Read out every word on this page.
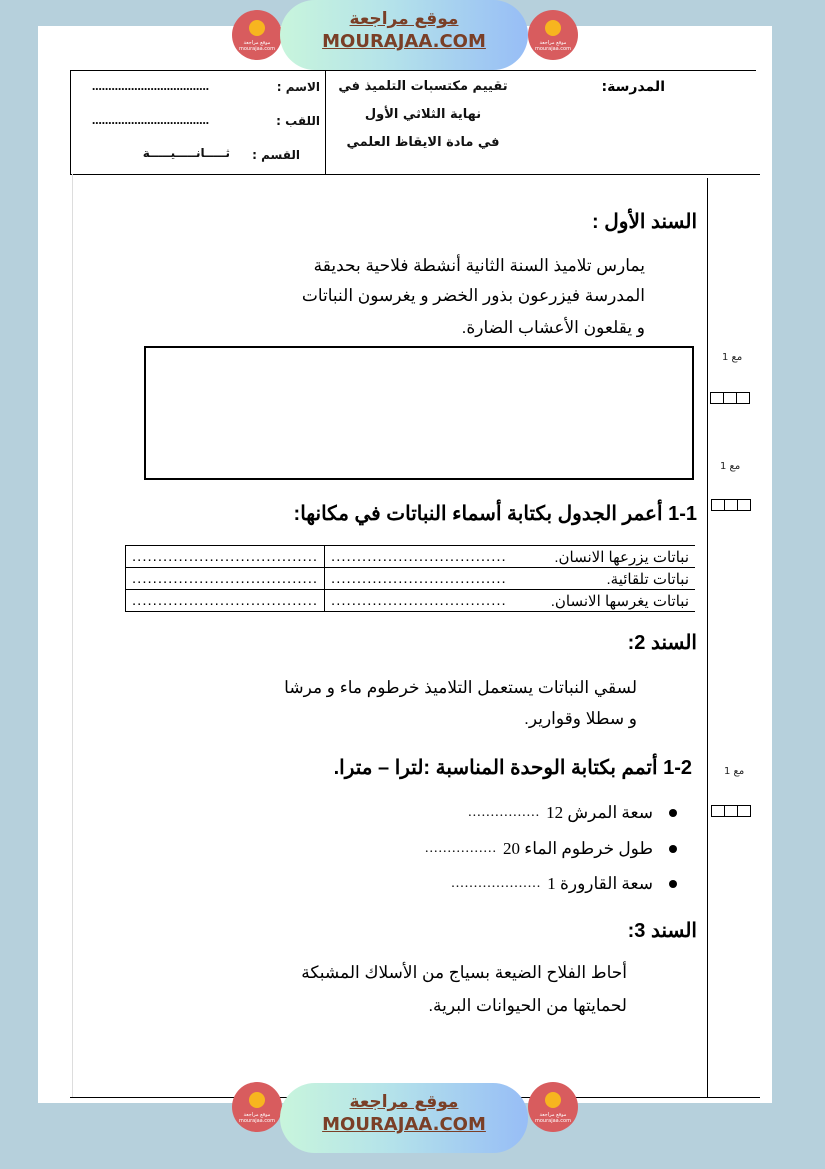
موقع مراجعة
mourajaa.com
موقع مراجعة
MOURAJAA.COM	موقع مراجعة
mourajaa.com
الاسم :
....................................
اللقب :
....................................
القسم :
ثـــــانـــــيـــــة
تقييم مكتسبات التلميذ في
نهاية الثلاثي الأول
في مادة الايقاظ العلمي
المدرسة:
السند الأول :
يمارس تلاميذ السنة الثانية أنشطة فلاحية بحديقة
المدرسة فيزرعون بذور الخضر و يغرسون النباتات
و يقلعون الأعشاب الضارة.
مع 1
مع 1
مع 1
1-1 أعمر الجدول بكتابة أسماء النباتات في مكانها:
....................................	..................................	نباتات يزرعها الانسان.
....................................	..................................	نباتات تلقائية.
....................................	..................................	نباتات يغرسها الانسان.
السند 2:
لسقي النباتات يستعمل التلاميذ خرطوم ماء و مرشا
و سطلا وقوارير.
1-2 أتمم بكتابة الوحدة المناسبة :لترا – مترا.
سعة المرش 12
................
طول خرطوم الماء 20
................
سعة القارورة 1
....................
السند 3:
أحاط الفلاح الضيعة بسياج من الأسلاك المشبكة
لحمايتها من الحيوانات البرية.
موقع مراجعة
mourajaa.com
موقع مراجعة
MOURAJAA.COM	موقع مراجعة
mourajaa.com
